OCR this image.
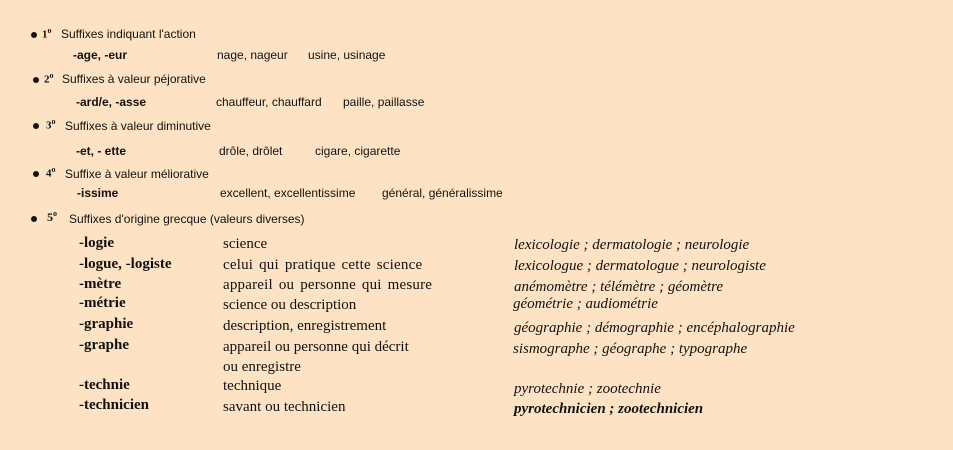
1$^o$ Suffixes indiquant l'action
-age, -eur	nage, nageur usine, usinage
2$^o$ Suffixes à valeur péjorative
-ard/e, -asse	chauffeur, chauffard paille, paillasse
3$^o$ Suffixes à valeur diminutive
-et, - ette	drôle, drôlet	cigare, cigarette
4$^o$ Suffixe à valeur méliorative
-issime	excellent, excellentissime général, généralissime
5$^o$ Suffixes d'origine grecque (valeurs diverses)
-logie	science	lexicologie ; dermatologie ; neurologie
-logue, -logiste	celui qui pratique cette science	lexicologue ; dermatologue ; neurologiste
-mètre	appareil ou personne qui mesure	anémomètre ; télémètre ; géomètre
-métrie	science ou description	géométrie ; audiométrie
-graphie	description, enregistrement	géographie ; démographie ; encéphalographie
-graphe	appareil ou personne qui décrit	sismographe ; géographe ; typographe
ou enregistre
-technie	technique	pyrotechnie ; zootechnie
-technicien	savant ou technicien	pyrotechnicien ; zootechnicien
